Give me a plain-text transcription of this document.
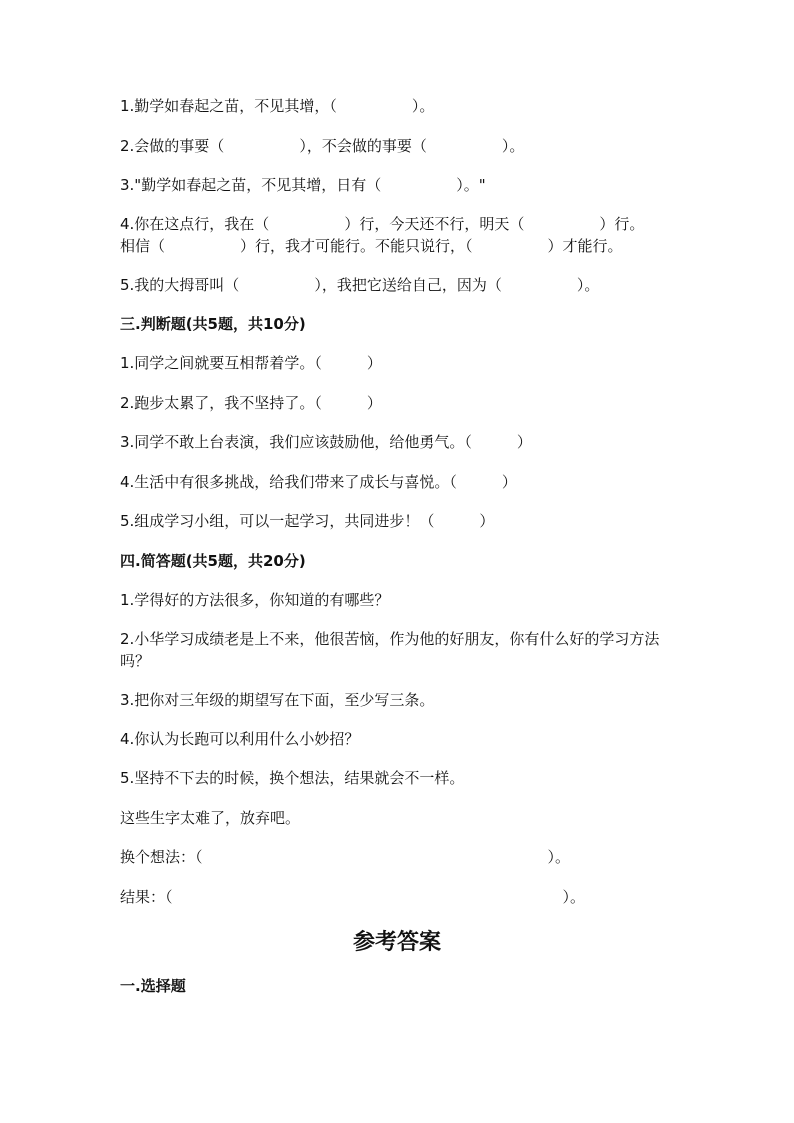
1.勤学如春起之苗，不见其增，（　　　　　）。
2.会做的事要（　　　　　），不会做的事要（　　　　　）。
3."勤学如春起之苗，不见其增，日有（　　　　　）。"
4.你在这点行，我在（　　　　　）行，今天还不行，明天（　　　　　）行。
相信（　　　　　）行，我才可能行。不能只说行，（　　　　　）才能行。
5.我的大拇哥叫（　　　　　），我把它送给自己，因为（　　　　　）。
三.判断题(共5题，共10分)
1.同学之间就要互相帮着学。（　　　）
2.跑步太累了，我不坚持了。（　　　）
3.同学不敢上台表演，我们应该鼓励他，给他勇气。（　　　）
4.生活中有很多挑战，给我们带来了成长与喜悦。（　　　）
5.组成学习小组，可以一起学习，共同进步！（　　　）
四.简答题(共5题，共20分)
1.学得好的方法很多，你知道的有哪些？
2.小华学习成绩老是上不来，他很苦恼，作为他的好朋友，你有什么好的学习方法吗？
3.把你对三年级的期望写在下面，至少写三条。
4.你认为长跑可以利用什么小妙招？
5.坚持不下去的时候，换个想法，结果就会不一样。
这些生字太难了，放弃吧。
换个想法：（　　　　　　　　　　　　　　　　　　　　　　　）。
结果：（　　　　　　　　　　　　　　　　　　　　　　　　　　）。
参考答案
一.选择题
